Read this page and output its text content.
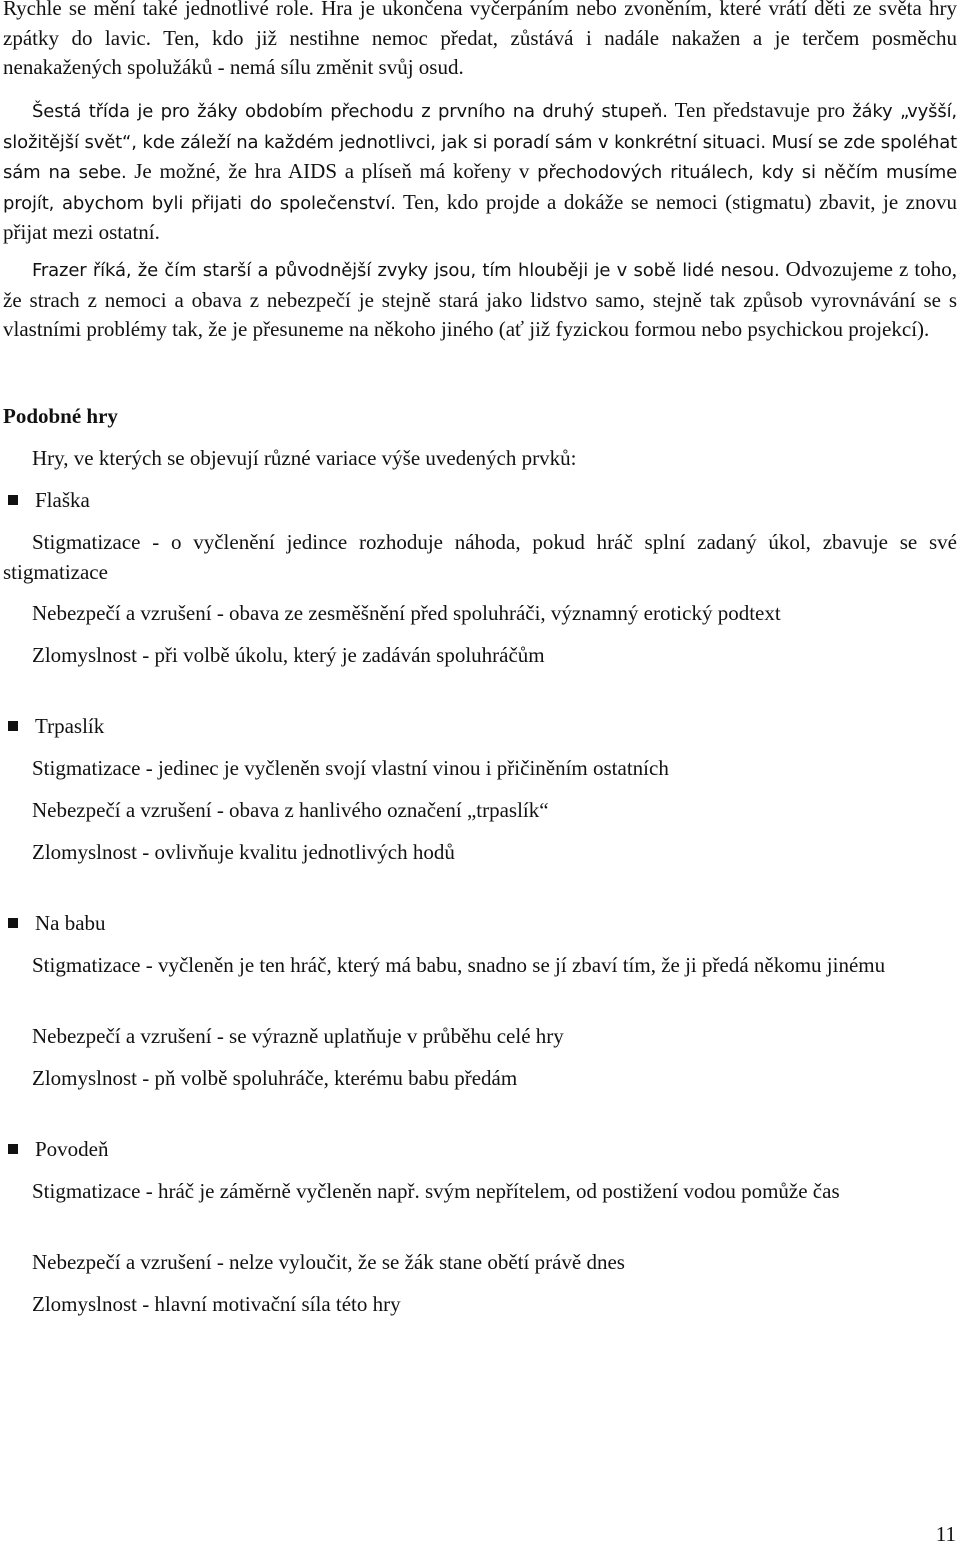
Rychle se mění také jednotlivé role. Hra je ukončena vyčerpáním nebo zvoněním, které vrátí děti ze světa hry zpátky do lavic. Ten, kdo již nestihne nemoc předat, zůstává i nadále nakažen a je terčem posměchu nenakažených spolužáků - nemá sílu změnit svůj osud.

Šestá třída je pro žáky obdobím přechodu z prvního na druhý stupeň. Ten představuje pro žáky „vyšší, složitější svět“, kde záleží na každém jednotlivci, jak si poradí sám v konkrétní situaci. Musí se zde spoléhat sám na sebe. Je možné, že hra AIDS a plíseň má kořeny v přechodových rituálech, kdy si něčím musíme projít, abychom byli přijati do společenství. Ten, kdo projde a dokáže se nemoci (stigmatu) zbavit, je znovu přijat mezi ostatní.

Frazer říká, že čím starší a původnější zvyky jsou, tím hlouběji je v sobě lidé nesou. Odvozujeme z toho, že strach z nemoci a obava z nebezpečí je stejně stará jako lidstvo samo, stejně tak způsob vyrovnávání se s vlastními problémy tak, že je přesuneme na někoho jiného (ať již fyzickou formou nebo psychickou projekcí).

Podobné hry

Hry, ve kterých se objevují různé variace výše uvedených prvků:

Flaška

Stigmatizace - o vyčlenění jedince rozhoduje náhoda, pokud hráč splní zadaný úkol, zbavuje se své stigmatizace

Nebezpečí a vzrušení - obava ze zesměšnění před spoluhráči, významný erotický podtext

Zlomyslnost - při volbě úkolu, který je zadáván spoluhráčům

Trpaslík

Stigmatizace - jedinec je vyčleněn svojí vlastní vinou i přičiněním ostatních

Nebezpečí a vzrušení - obava z hanlivého označení „trpaslík“

Zlomyslnost - ovlivňuje kvalitu jednotlivých hodů

Na babu

Stigmatizace - vyčleněn je ten hráč, který má babu, snadno se jí zbaví tím, že ji předá někomu jinému

Nebezpečí a vzrušení - se výrazně uplatňuje v průběhu celé hry

Zlomyslnost - pň volbě spoluhráče, kterému babu předám

Povodeň

Stigmatizace - hráč je záměrně vyčleněn např. svým nepřítelem, od postižení vodou pomůže čas

Nebezpečí a vzrušení - nelze vyloučit, že se žák stane obětí právě dnes

Zlomyslnost - hlavní motivační síla této hry

11
